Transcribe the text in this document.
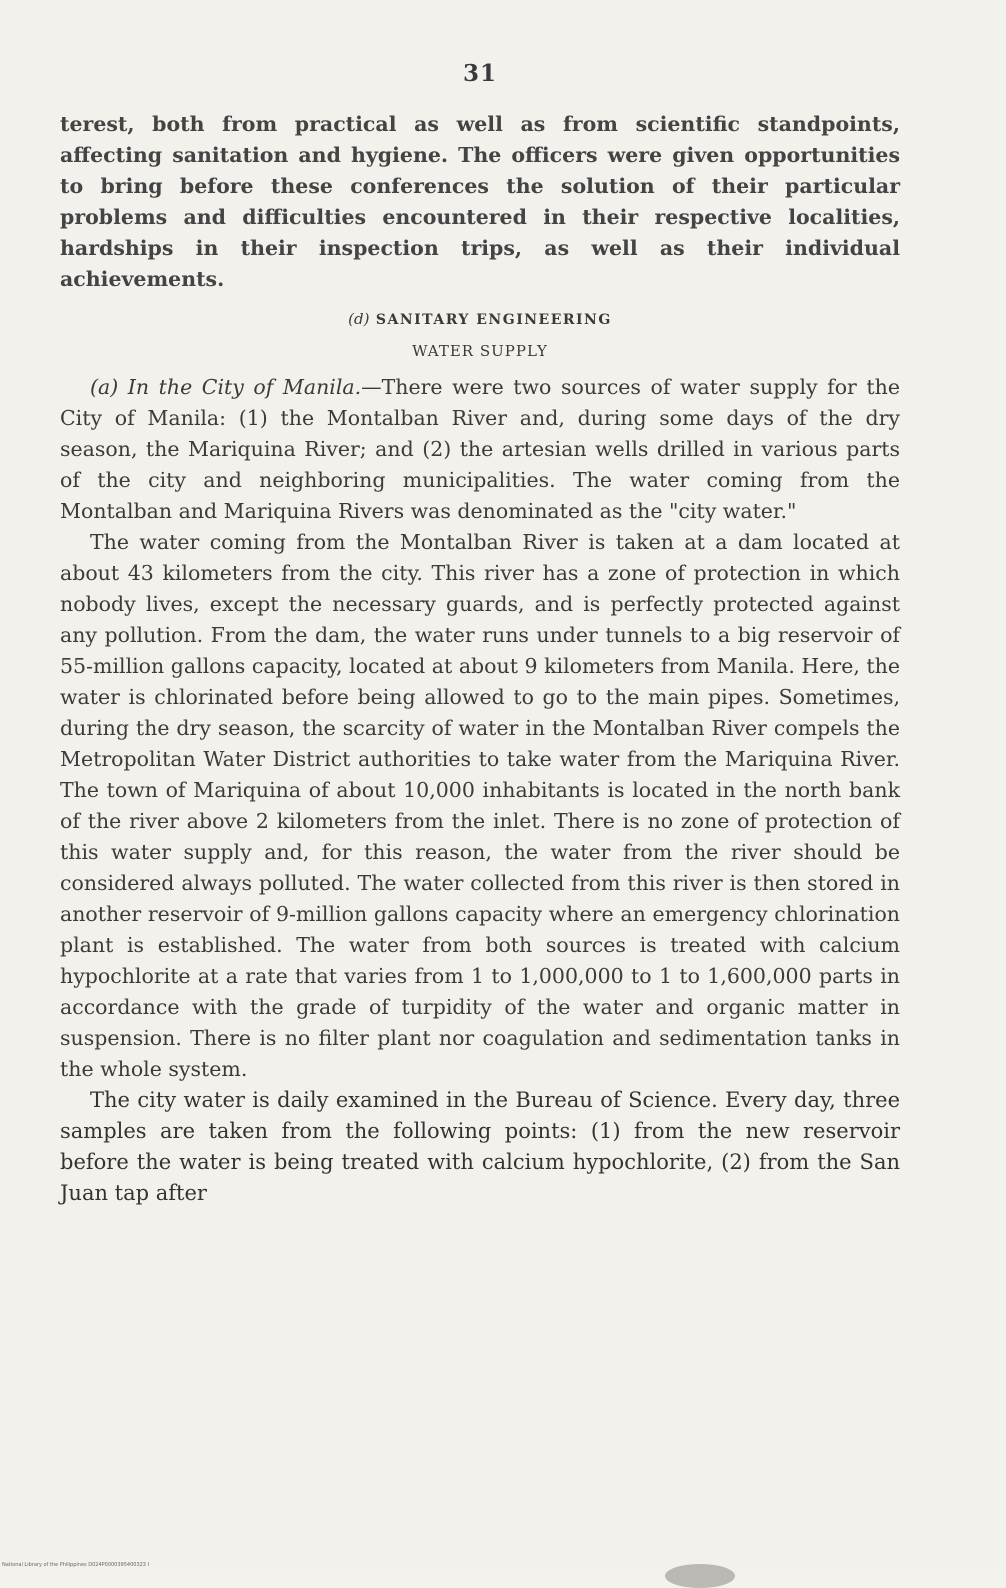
31

terest, both from practical as well as from scientific standpoints, affecting sanitation and hygiene. The officers were given opportunities to bring before these conferences the solution of their particular problems and difficulties encountered in their respective localities, hardships in their inspection trips, as well as their individual achievements.

(d) SANITARY ENGINEERING
WATER SUPPLY

(a) In the City of Manila.—There were two sources of water supply for the City of Manila: (1) the Montalban River and, during some days of the dry season, the Mariquina River; and (2) the artesian wells drilled in various parts of the city and neighboring municipalities. The water coming from the Montalban and Mariquina Rivers was denominated as the "city water."

The water coming from the Montalban River is taken at a dam located at about 43 kilometers from the city. This river has a zone of protection in which nobody lives, except the necessary guards, and is perfectly protected against any pollution. From the dam, the water runs under tunnels to a big reservoir of 55-million gallons capacity, located at about 9 kilometers from Manila. Here, the water is chlorinated before being allowed to go to the main pipes. Sometimes, during the dry season, the scarcity of water in the Montalban River compels the Metropolitan Water District authorities to take water from the Mariquina River. The town of Mariquina of about 10,000 inhabitants is located in the north bank of the river above 2 kilometers from the inlet. There is no zone of protection of this water supply and, for this reason, the water from the river should be considered always polluted. The water collected from this river is then stored in another reservoir of 9-million gallons capacity where an emergency chlorination plant is established. The water from both sources is treated with calcium hypochlorite at a rate that varies from 1 to 1,000,000 to 1 to 1,600,000 parts in accordance with the grade of turpidity of the water and organic matter in suspension. There is no filter plant nor coagulation and sedimentation tanks in the whole system.

The city water is daily examined in the Bureau of Science. Every day, three samples are taken from the following points: (1) from the new reservoir before the water is being treated with calcium hypochlorite, (2) from the San Juan tap after

National Library of the Philippines D024P0000395400323 I
